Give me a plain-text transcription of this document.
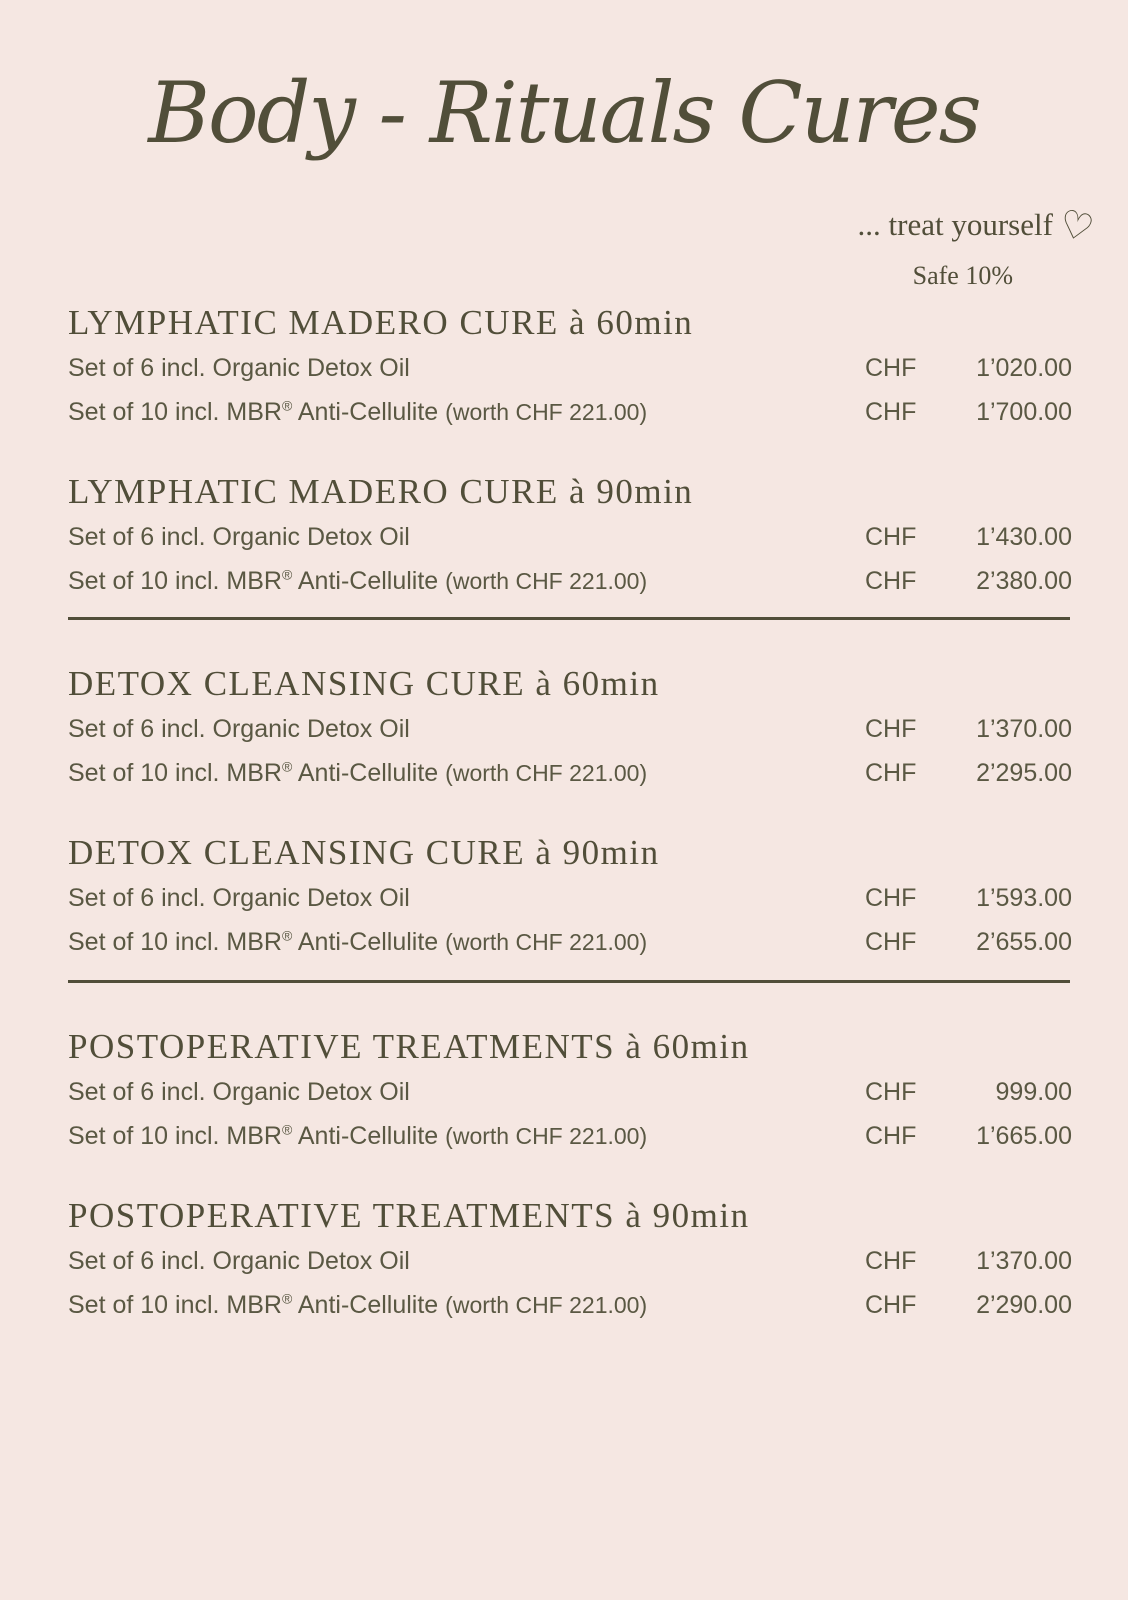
Body - Rituals Cures
... treat yourself♡
Safe 10%
LYMPHATIC MADERO CURE à 60min
Set of 6 incl. Organic Detox Oil	CHF 1’020.00
Set of 10 incl. MBR® Anti-Cellulite (worth CHF 221.00)	CHF 1’700.00
LYMPHATIC MADERO CURE à 90min
Set of 6 incl. Organic Detox Oil	CHF 1’430.00
Set of 10 incl. MBR® Anti-Cellulite (worth CHF 221.00)	CHF 2’380.00
DETOX CLEANSING CURE à 60min
Set of 6 incl. Organic Detox Oil	CHF 1’370.00
Set of 10 incl. MBR® Anti-Cellulite (worth CHF 221.00)	CHF 2’295.00
DETOX CLEANSING CURE à 90min
Set of 6 incl. Organic Detox Oil	CHF 1’593.00
Set of 10 incl. MBR® Anti-Cellulite (worth CHF 221.00)	CHF 2’655.00
POSTOPERATIVE TREATMENTS à 60min
Set of 6 incl. Organic Detox Oil	CHF	999.00
Set of 10 incl. MBR® Anti-Cellulite (worth CHF 221.00)	CHF 1’665.00
POSTOPERATIVE TREATMENTS à 90min
Set of 6 incl. Organic Detox Oil	CHF 1’370.00
Set of 10 incl. MBR® Anti-Cellulite (worth CHF 221.00)	CHF 2’290.00
